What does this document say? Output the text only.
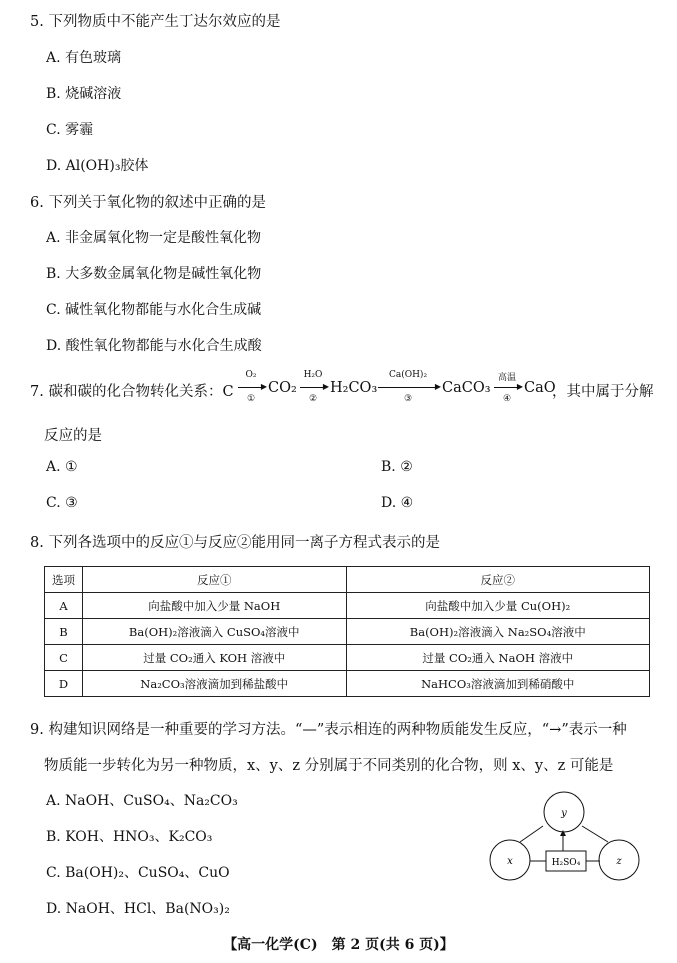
5. 下列物质中不能产生丁达尔效应的是
A. 有色玻璃
B. 烧碱溶液
C. 雾霾
D. Al(OH)₃胶体
6. 下列关于氧化物的叙述中正确的是
A. 非金属氧化物一定是酸性氧化物
B. 大多数金属氧化物是碱性氧化物
C. 碱性氧化物都能与水化合生成碱
D. 酸性氧化物都能与水化合生成酸
7. 碳和碳的化合物转化关系：C
O₂
▶
①
CO₂
H₂O
▶
②
H₂CO₃
Ca(OH)₂
▶
③
CaCO₃
高温
▶
④
CaO
，其中属于分解
反应的是
A. ①	B. ②
C. ③	D. ④
8. 下列各选项中的反应①与反应②能用同一离子方程式表示的是
选项	反应①	反应②
A	向盐酸中加入少量 NaOH	向盐酸中加入少量 Cu(OH)₂
B	Ba(OH)₂溶液滴入 CuSO₄溶液中	Ba(OH)₂溶液滴入 Na₂SO₄溶液中
C	过量 CO₂通入 KOH 溶液中	过量 CO₂通入 NaOH 溶液中
D	Na₂CO₃溶液滴加到稀盐酸中	NaHCO₃溶液滴加到稀硝酸中
9. 构建知识网络是一种重要的学习方法。“—”表示相连的两种物质能发生反应，“→”表示一种
物质能一步转化为另一种物质，x、y、z 分别属于不同类别的化合物，则 x、y、z 可能是
A. NaOH、CuSO₄、Na₂CO₃
B. KOH、HNO₃、K₂CO₃
C. Ba(OH)₂、CuSO₄、CuO
D. NaOH、HCl、Ba(NO₃)₂
y
x	z
H₂SO₄
【高一化学(C)　第 2 页(共 6 页)】
